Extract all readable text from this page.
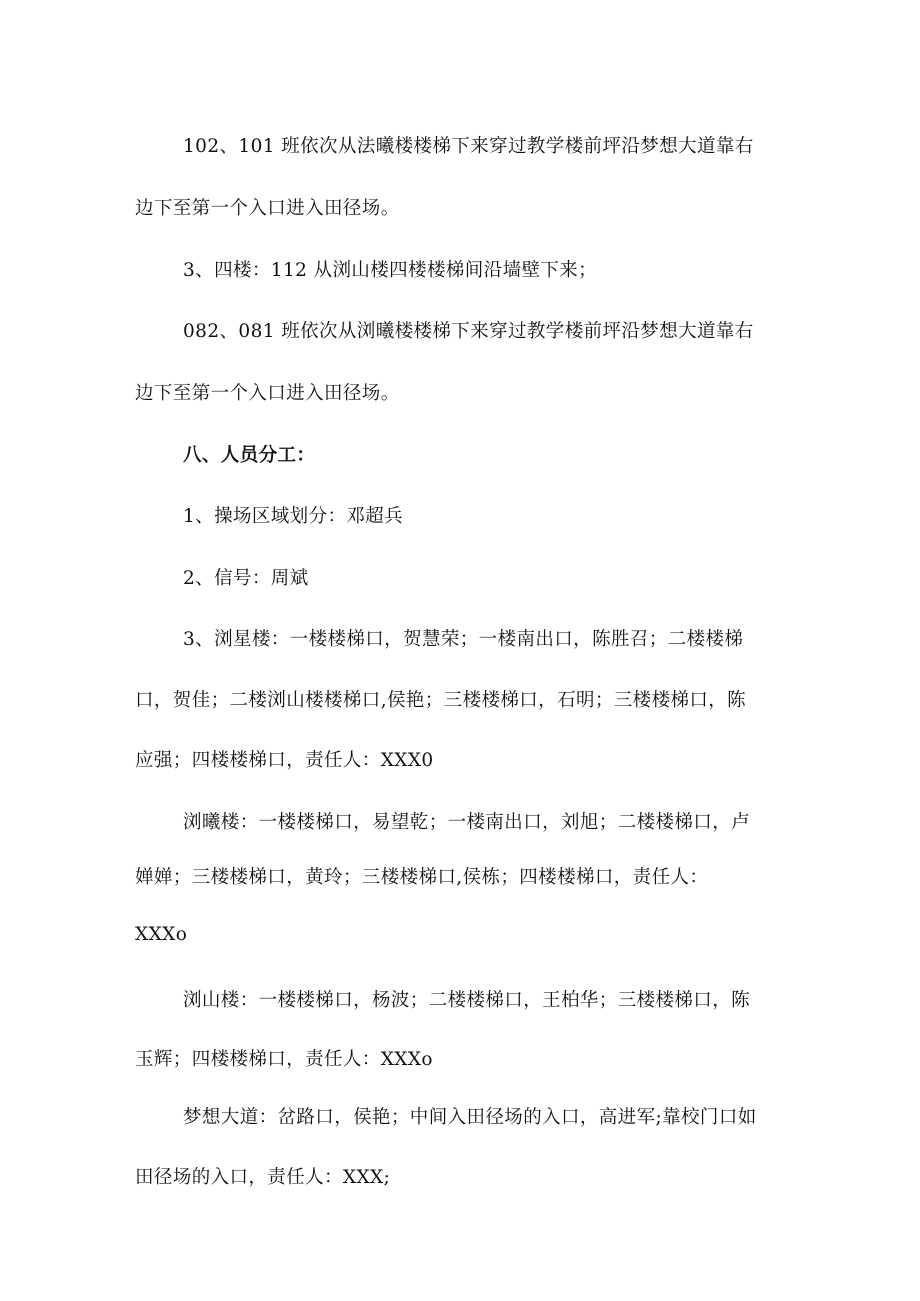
102、101 班依次从法曦楼楼梯下来穿过教学楼前坪沿梦想大道靠右
边下至第一个入口进入田径场。
3、四楼：112 从浏山楼四楼楼梯间沿墙壁下来；
082、081 班依次从浏曦楼楼梯下来穿过教学楼前坪沿梦想大道靠右
边下至第一个入口进入田径场。
八、人员分工：
1、操场区域划分：邓超兵
2、信号：周斌
3、浏星楼：一楼楼梯口，贺慧荣；一楼南出口，陈胜召；二楼楼梯
口，贺佳；二楼浏山楼楼梯口,侯艳；三楼楼梯口，石明；三楼楼梯口，陈
应强；四楼楼梯口，责任人：XXX0
浏曦楼：一楼楼梯口，易望乾；一楼南出口，刘旭；二楼楼梯口，卢
婵婵；三楼楼梯口，黄玲；三楼楼梯口,侯栋；四楼楼梯口，责任人：
XXXo
浏山楼：一楼楼梯口，杨波；二楼楼梯口，王柏华；三楼楼梯口，陈
玉辉；四楼楼梯口，责任人：XXXo
梦想大道：岔路口，侯艳；中间入田径场的入口，高进军;靠校门口如
田径场的入口，责任人：XXX;
